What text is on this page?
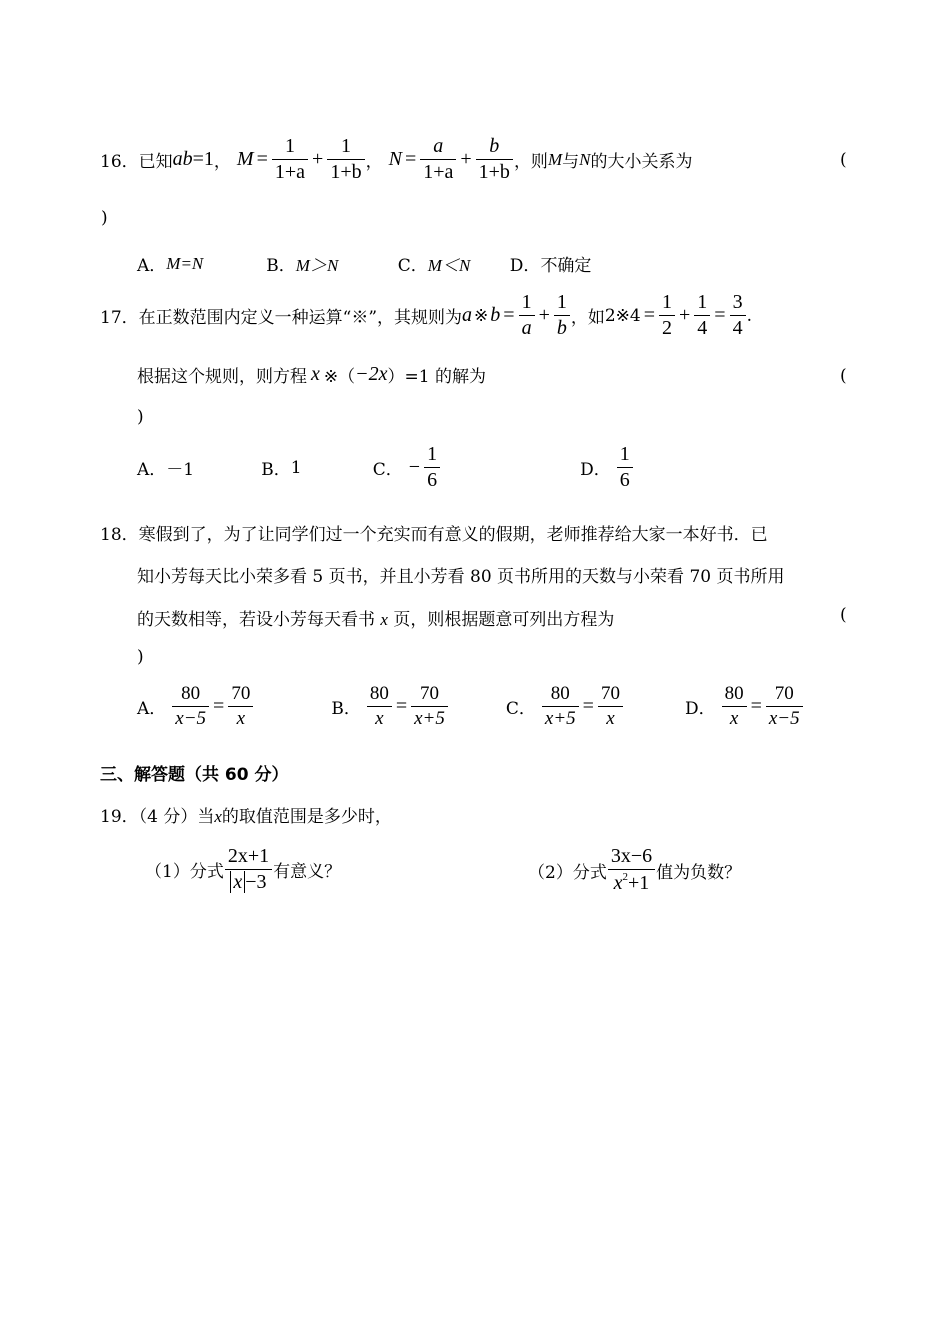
16． 已知 ab =1 ， $M = \frac{1}{1+a} + \frac{1}{1+b}$ ， $N = \frac{a}{1+a} + \frac{b}{1+b}$ ，则 M 与 N 的大小关系为	(
)
A． M=N	B． M＞N	C． M＜N	D． 不确定
17． 在正数范围内定义一种运算“※”，其规则为 a ※ $b = \frac{1}{a} + \frac{1}{b}$ ，如 2※4 = $\frac{1}{2} + \frac{1}{4} = \frac{3}{4}$ .
根据这个规则，则方程 x ※（ −2x ）=1 的解为	(
)
A． －1	B． 1	C． − $\frac{1}{6}$	D． $\frac{1}{6}$
18．寒假到了，为了让同学们过一个充实而有意义的假期，老师推荐给大家一本好书．已
知小芳每天比小荣多看 5 页书，并且小芳看 80 页书所用的天数与小荣看 70 页书所用
的天数相等，若设小芳每天看书 x 页，则根据题意可列出方程为	(
)
A． $\frac{80}{x-5} = \frac{70}{x}$	B． $\frac{80}{x} = \frac{70}{x+5}$	C． $\frac{80}{x+5} = \frac{70}{x}$	D． $\frac{80}{x} = \frac{70}{x-5}$
三、解答题（共 60 分）
19．（4 分）当x的取值范围是多少时，
（1）分式 $\frac{2x+1}{x -3}$ 有意义？	（2）分式 $\frac{3x-6}{x^2+1}$ 值为负数？
